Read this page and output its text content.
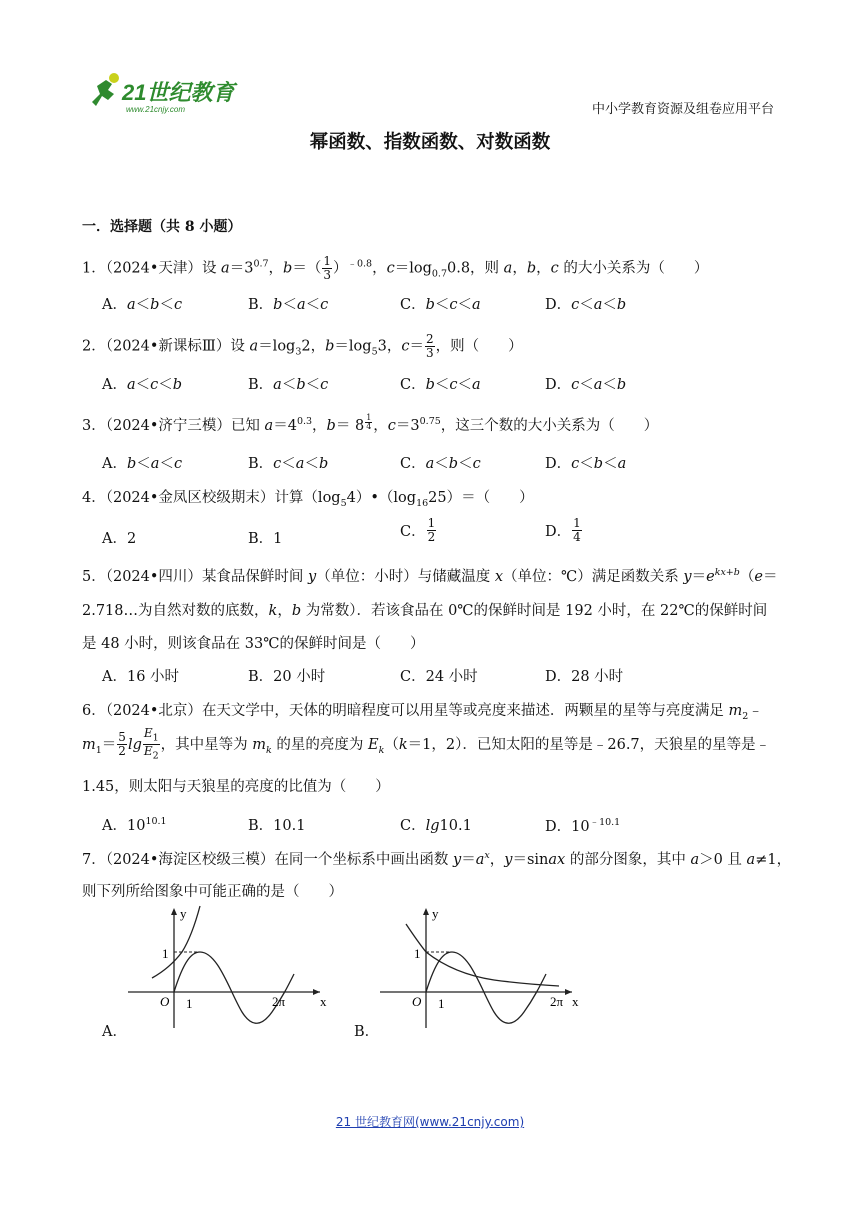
21世纪教育
www.21cnjy.com	中小学教育资源及组卷应用平台
幂函数、指数函数、对数函数
一．选择题（共 8 小题）
1．（2024•天津）设 $a=3^{0.7}$，$b=( \frac{1}{3} )^{﹣0.8}$，$c=\log_{0.7}0.8$，则 a，b，c 的大小关系为（　　）
A．a＜b＜c	B．b＜a＜c	C．b＜c＜a	D．c＜a＜b
2．（2024•新课标Ⅲ）设 $a=\log_32$，$b=\log_53$，$c= \frac{2}{3}$ ，则（　　）
A．a＜c＜b	B．a＜b＜c	C．b＜c＜a	D．c＜a＜b
3．（2024•济宁三模）已知 $a=4^{0.3}$，b＝ 8 $^{\frac{1}{4}}$ ，$c=3^{0.75}$，这三个数的大小关系为（　　）
A．b＜a＜c	B．c＜a＜b	C．a＜b＜c	D．c＜b＜a
4．（2024•金凤区校级期末）计算$(\log_54)•(\log_{16}25)=$（　　）
A．2	B．1	C． $\frac{1}{2}$	D． $\frac{1}{4}$
5．（2024•四川）某食品保鲜时间 y（单位：小时）与储藏温度 x（单位：℃）满足函数关系 $y=e^{kx+b}(e=$
2.718…为自然对数的底数，k，b 为常数）．若该食品在 0℃的保鲜时间是 192 小时，在 22℃的保鲜时间
是 48 小时，则该食品在 33℃的保鲜时间是（　　）
A．16 小时	B．20 小时	C．24 小时	D．28 小时
6．（2024•北京）在天文学中，天体的明暗程度可以用星等或亮度来描述．两颗星的星等与亮度满足 $m_2﹣$
$m_1= \frac{5}{2}$ $\lg \frac{E_1}{E_2}$ ，其中星等为 $m_k$ 的星的亮度为 $E_k(k=1$，2）．已知太阳的星等是﹣26.7，天狼星的星等是﹣
1.45，则太阳与天狼星的亮度的比值为（　　）
A．$10^{10.1}$	B．10.1	C．lg10.1	D．$10^{﹣10.1}$
7．（2024•海淀区校级三模）在同一个坐标系中画出函数 $y=a^x$，y＝sinax 的部分图象，其中 a＞0 且 a≠1，
则下列所给图象中可能正确的是（　　）
y
x
O
1
1	2π
A．
y
x
O
1
1	2π
B．
21 世纪教育网(www.21cnjy.com)
